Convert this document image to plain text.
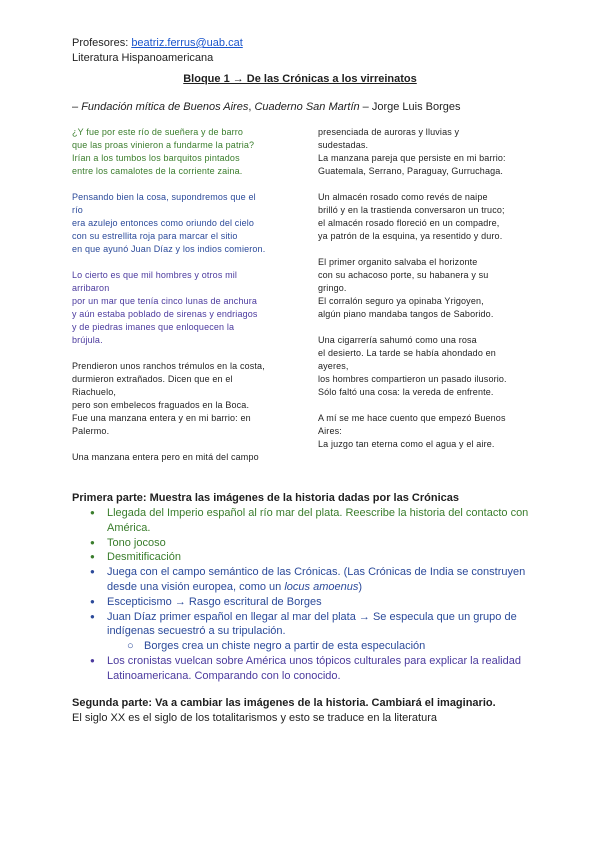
Profesores: beatriz.ferrus@uab.cat
Literatura Hispanoamericana
Bloque 1 → De las Crónicas a los virreinatos
– Fundación mítica de Buenos Aires, Cuaderno San Martín – Jorge Luis Borges
¿Y fue por este río de sueñera y de barro
que las proas vinieron a fundarme la patria?
Irían a los tumbos los barquitos pintados
entre los camalotes de la corriente zaina.
Pensando bien la cosa, supondremos que el
río
era azulejo entonces como oriundo del cielo
con su estrellita roja para marcar el sitio
en que ayunó Juan Díaz y los indios comieron.
Lo cierto es que mil hombres y otros mil
arribaron
por un mar que tenía cinco lunas de anchura
y aún estaba poblado de sirenas y endriagos
y de piedras imanes que enloquecen la
brújula.
Prendieron unos ranchos trémulos en la costa,
durmieron extrañados. Dicen que en el
Riachuelo,
pero son embelecos fraguados en la Boca.
Fue una manzana entera y en mi barrio: en
Palermo.
Una manzana entera pero en mitá del campo
presenciada de auroras y lluvias y
sudestadas.
La manzana pareja que persiste en mi barrio:
Guatemala, Serrano, Paraguay, Gurruchaga.
Un almacén rosado como revés de naipe
brilló y en la trastienda conversaron un truco;
el almacén rosado floreció en un compadre,
ya patrón de la esquina, ya resentido y duro.
El primer organito salvaba el horizonte
con su achacoso porte, su habanera y su
gringo.
El corralón seguro ya opinaba Yrigoyen,
algún piano mandaba tangos de Saborido.
Una cigarrería sahumó como una rosa
el desierto. La tarde se había ahondado en
ayeres,
los hombres compartieron un pasado ilusorio.
Sólo faltó una cosa: la vereda de enfrente.
A mí se me hace cuento que empezó Buenos
Aires:
La juzgo tan eterna como el agua y el aire.
Primera parte: Muestra las imágenes de la historia dadas por las Crónicas
● Llegada del Imperio español al río mar del plata. Reescribe la historia del contacto con América.
● Tono jocoso
● Desmitificación
● Juega con el campo semántico de las Crónicas. (Las Crónicas de India se construyen desde una visión europea, como un locus amoenus)
● Escepticismo → Rasgo escritural de Borges
● Juan Díaz primer español en llegar al mar del plata → Se especula que un grupo de indígenas secuestró a su tripulación.
○ Borges crea un chiste negro a partir de esta especulación
● Los cronistas vuelcan sobre América unos tópicos culturales para explicar la realidad Latinoamericana. Comparando con lo conocido.
Segunda parte: Va a cambiar las imágenes de la historia. Cambiará el imaginario.
El siglo XX es el siglo de los totalitarismos y esto se traduce en la literatura
